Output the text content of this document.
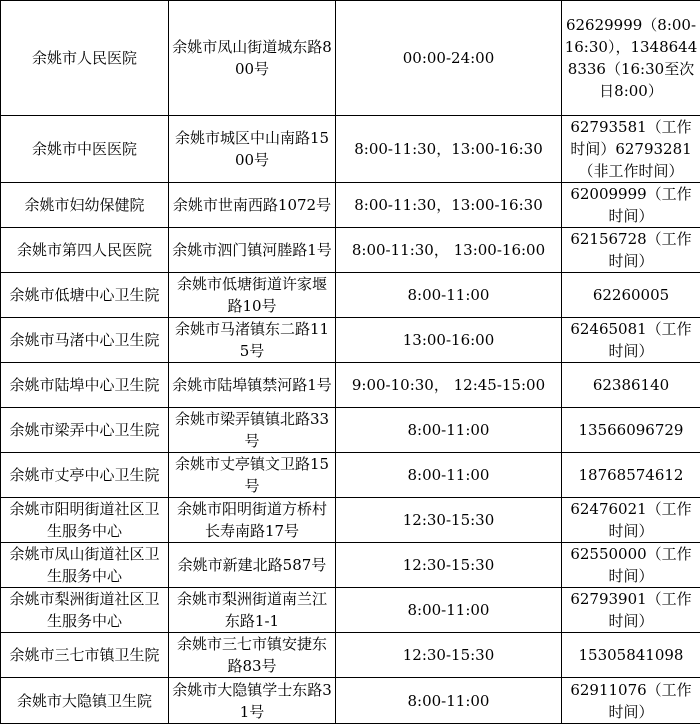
余姚市人民医院	余姚市凤山街道城东路800号	00:00-24:00	62629999（8:00-16:30），13486448336（16:30至次日8:00）
余姚市中医医院	余姚市城区中山南路1500号	8:00-11:30，13:00-16:30	62793581（工作时间）62793281（非工作时间）
余姚市妇幼保健院	余姚市世南西路1072号	8:00-11:30，13:00-16:30	62009999（工作时间）
余姚市第四人民医院	余姚市泗门镇河塍路1号	8:00-11:30， 13:00-16:00	62156728（工作时间）
余姚市低塘中心卫生院	余姚市低塘街道许家堰路10号	8:00-11:00	62260005
余姚市马渚中心卫生院	余姚市马渚镇东二路115号	13:00-16:00	62465081（工作时间）
余姚市陆埠中心卫生院	余姚市陆埠镇禁河路1号	9:00-10:30， 12:45-15:00	62386140
余姚市梁弄中心卫生院	余姚市梁弄镇镇北路33号	8:00-11:00	13566096729
余姚市丈亭中心卫生院	余姚市丈亭镇文卫路15号	8:00-11:00	18768574612
余姚市阳明街道社区卫生服务中心	余姚市阳明街道方桥村长寿南路17号	12:30-15:30	62476021（工作时间）
余姚市凤山街道社区卫生服务中心	余姚市新建北路587号	12:30-15:30	62550000（工作时间）
余姚市梨洲街道社区卫生服务中心	余姚市梨洲街道南兰江东路1-1	8:00-11:00	62793901（工作时间）
余姚市三七市镇卫生院	余姚市三七市镇安捷东路83号	12:30-15:30	15305841098
余姚市大隐镇卫生院	余姚市大隐镇学士东路31号	8:00-11:00	62911076（工作时间）
